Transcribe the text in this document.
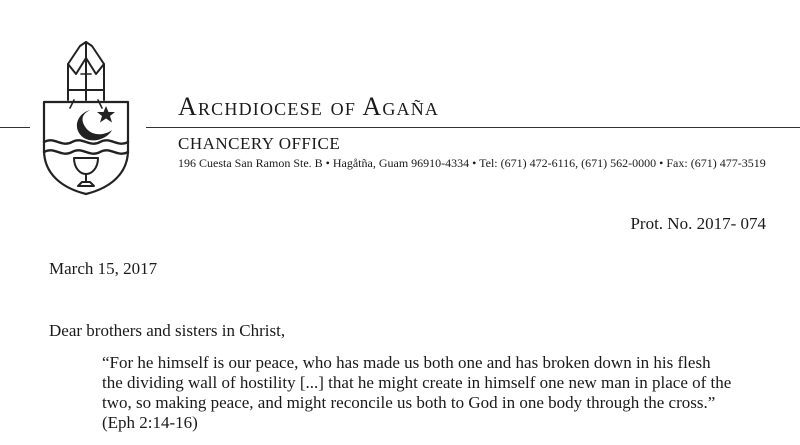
Archdiocese of Agaña
CHANCERY OFFICE
196 Cuesta San Ramon Ste. B • Hagåtña, Guam 96910-4334 • Tel: (671) 472-6116, (671) 562-0000 • Fax: (671) 477-3519
Prot. No. 2017- 074
March 15, 2017
Dear brothers and sisters in Christ,
“For he himself is our peace, who has made us both one and has broken down in his flesh
the dividing wall of hostility [...] that he might create in himself one new man in place of the
two, so making peace, and might reconcile us both to God in one body through the cross.”
(Eph 2:14-16)
